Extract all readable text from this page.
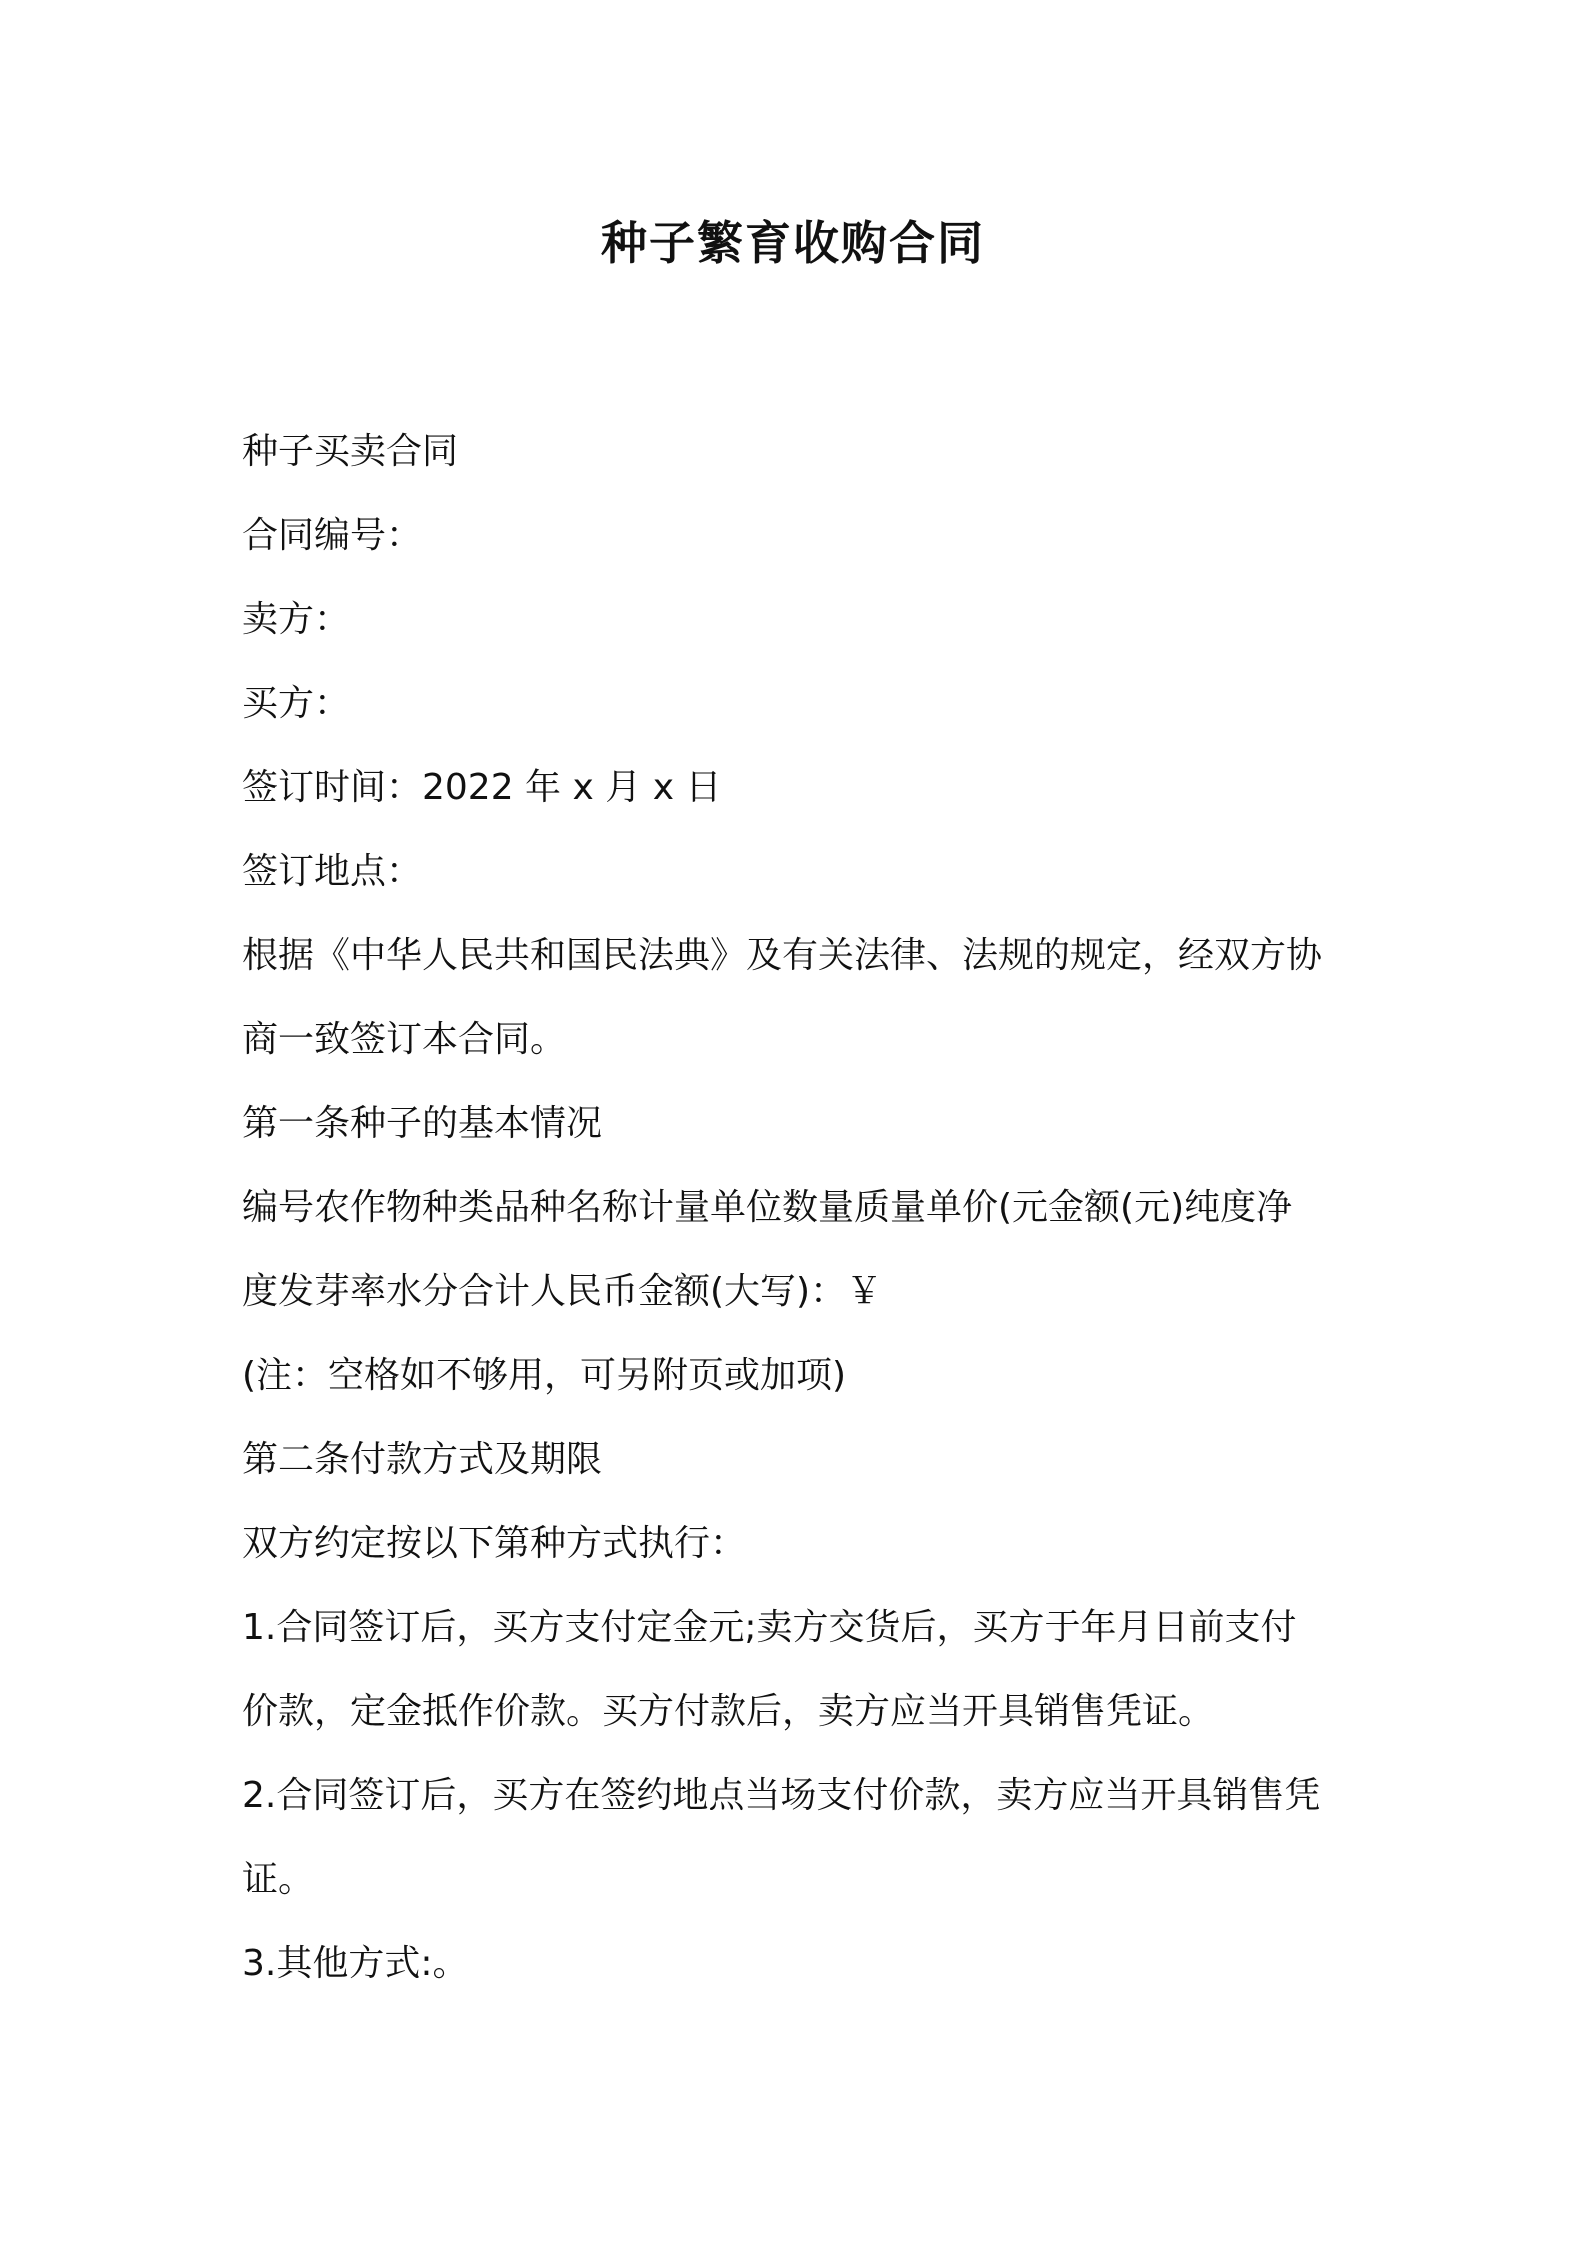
种子繁育收购合同
种子买卖合同
合同编号：
卖方：
买方：
签订时间：2022 年 x 月 x 日
签订地点：
根据《中华人民共和国民法典》及有关法律、法规的规定，经双方协
商一致签订本合同。
第一条种子的基本情况
编号农作物种类品种名称计量单位数量质量单价(元金额(元)纯度净
度发芽率水分合计人民币金额(大写)：￥
(注：空格如不够用，可另附页或加项)
第二条付款方式及期限
双方约定按以下第种方式执行：
1.合同签订后，买方支付定金元;卖方交货后，买方于年月日前支付
价款，定金抵作价款。买方付款后，卖方应当开具销售凭证。
2.合同签订后，买方在签约地点当场支付价款，卖方应当开具销售凭
证。
3.其他方式:。
